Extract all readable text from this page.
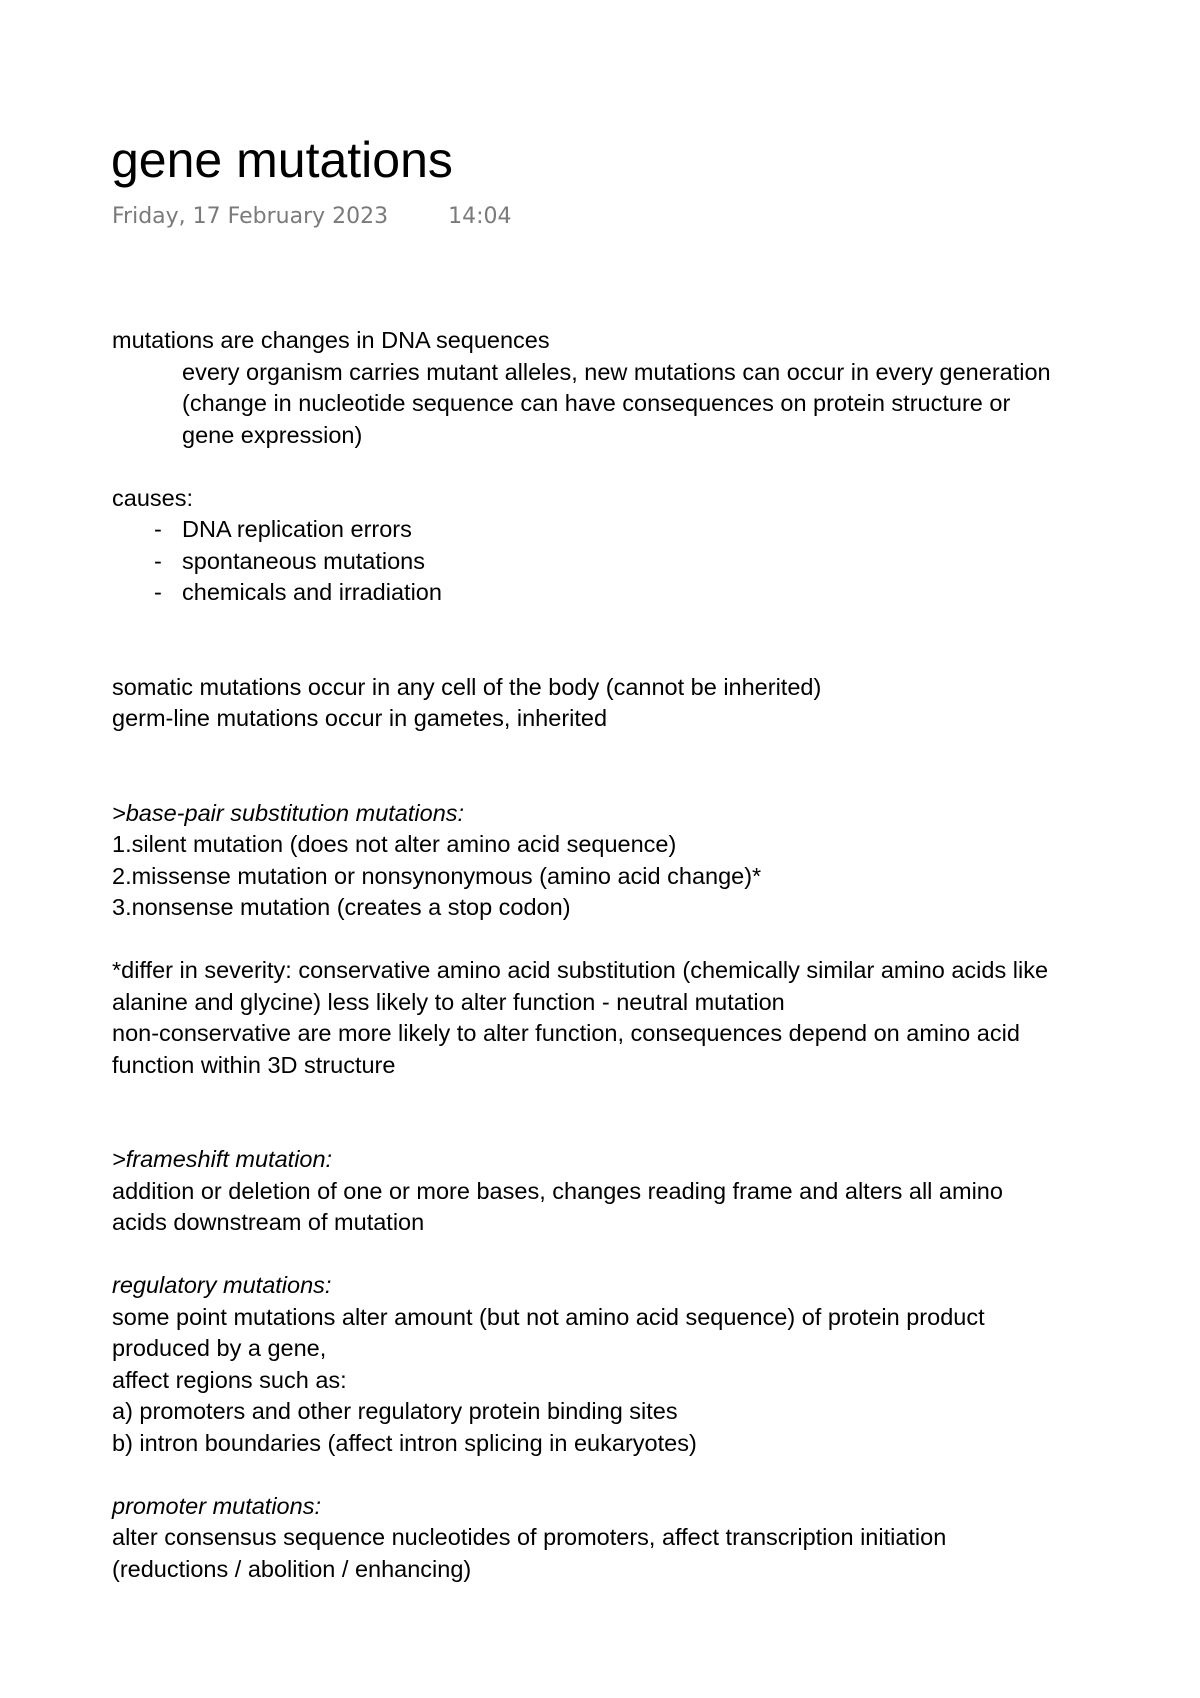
gene mutations
Friday, 17 February 2023	14:04
mutations are changes in DNA sequences
every organism carries mutant alleles, new mutations can occur in every generation
(change in nucleotide sequence can have consequences on protein structure or
gene expression)
causes:
- DNA replication errors
- spontaneous mutations
- chemicals and irradiation
somatic mutations occur in any cell of the body (cannot be inherited)
germ-line mutations occur in gametes, inherited
>base-pair substitution mutations:
1.silent mutation (does not alter amino acid sequence)
2.missense mutation or nonsynonymous (amino acid change)*
3.nonsense mutation (creates a stop codon)
*differ in severity: conservative amino acid substitution (chemically similar amino acids like
alanine and glycine) less likely to alter function - neutral mutation
non-conservative are more likely to alter function, consequences depend on amino acid
function within 3D structure
>frameshift mutation:
addition or deletion of one or more bases, changes reading frame and alters all amino
acids downstream of mutation
regulatory mutations:
some point mutations alter amount (but not amino acid sequence) of protein product
produced by a gene,
affect regions such as:
a) promoters and other regulatory protein binding sites
b) intron boundaries (affect intron splicing in eukaryotes)
promoter mutations:
alter consensus sequence nucleotides of promoters, affect transcription initiation
(reductions / abolition / enhancing)
